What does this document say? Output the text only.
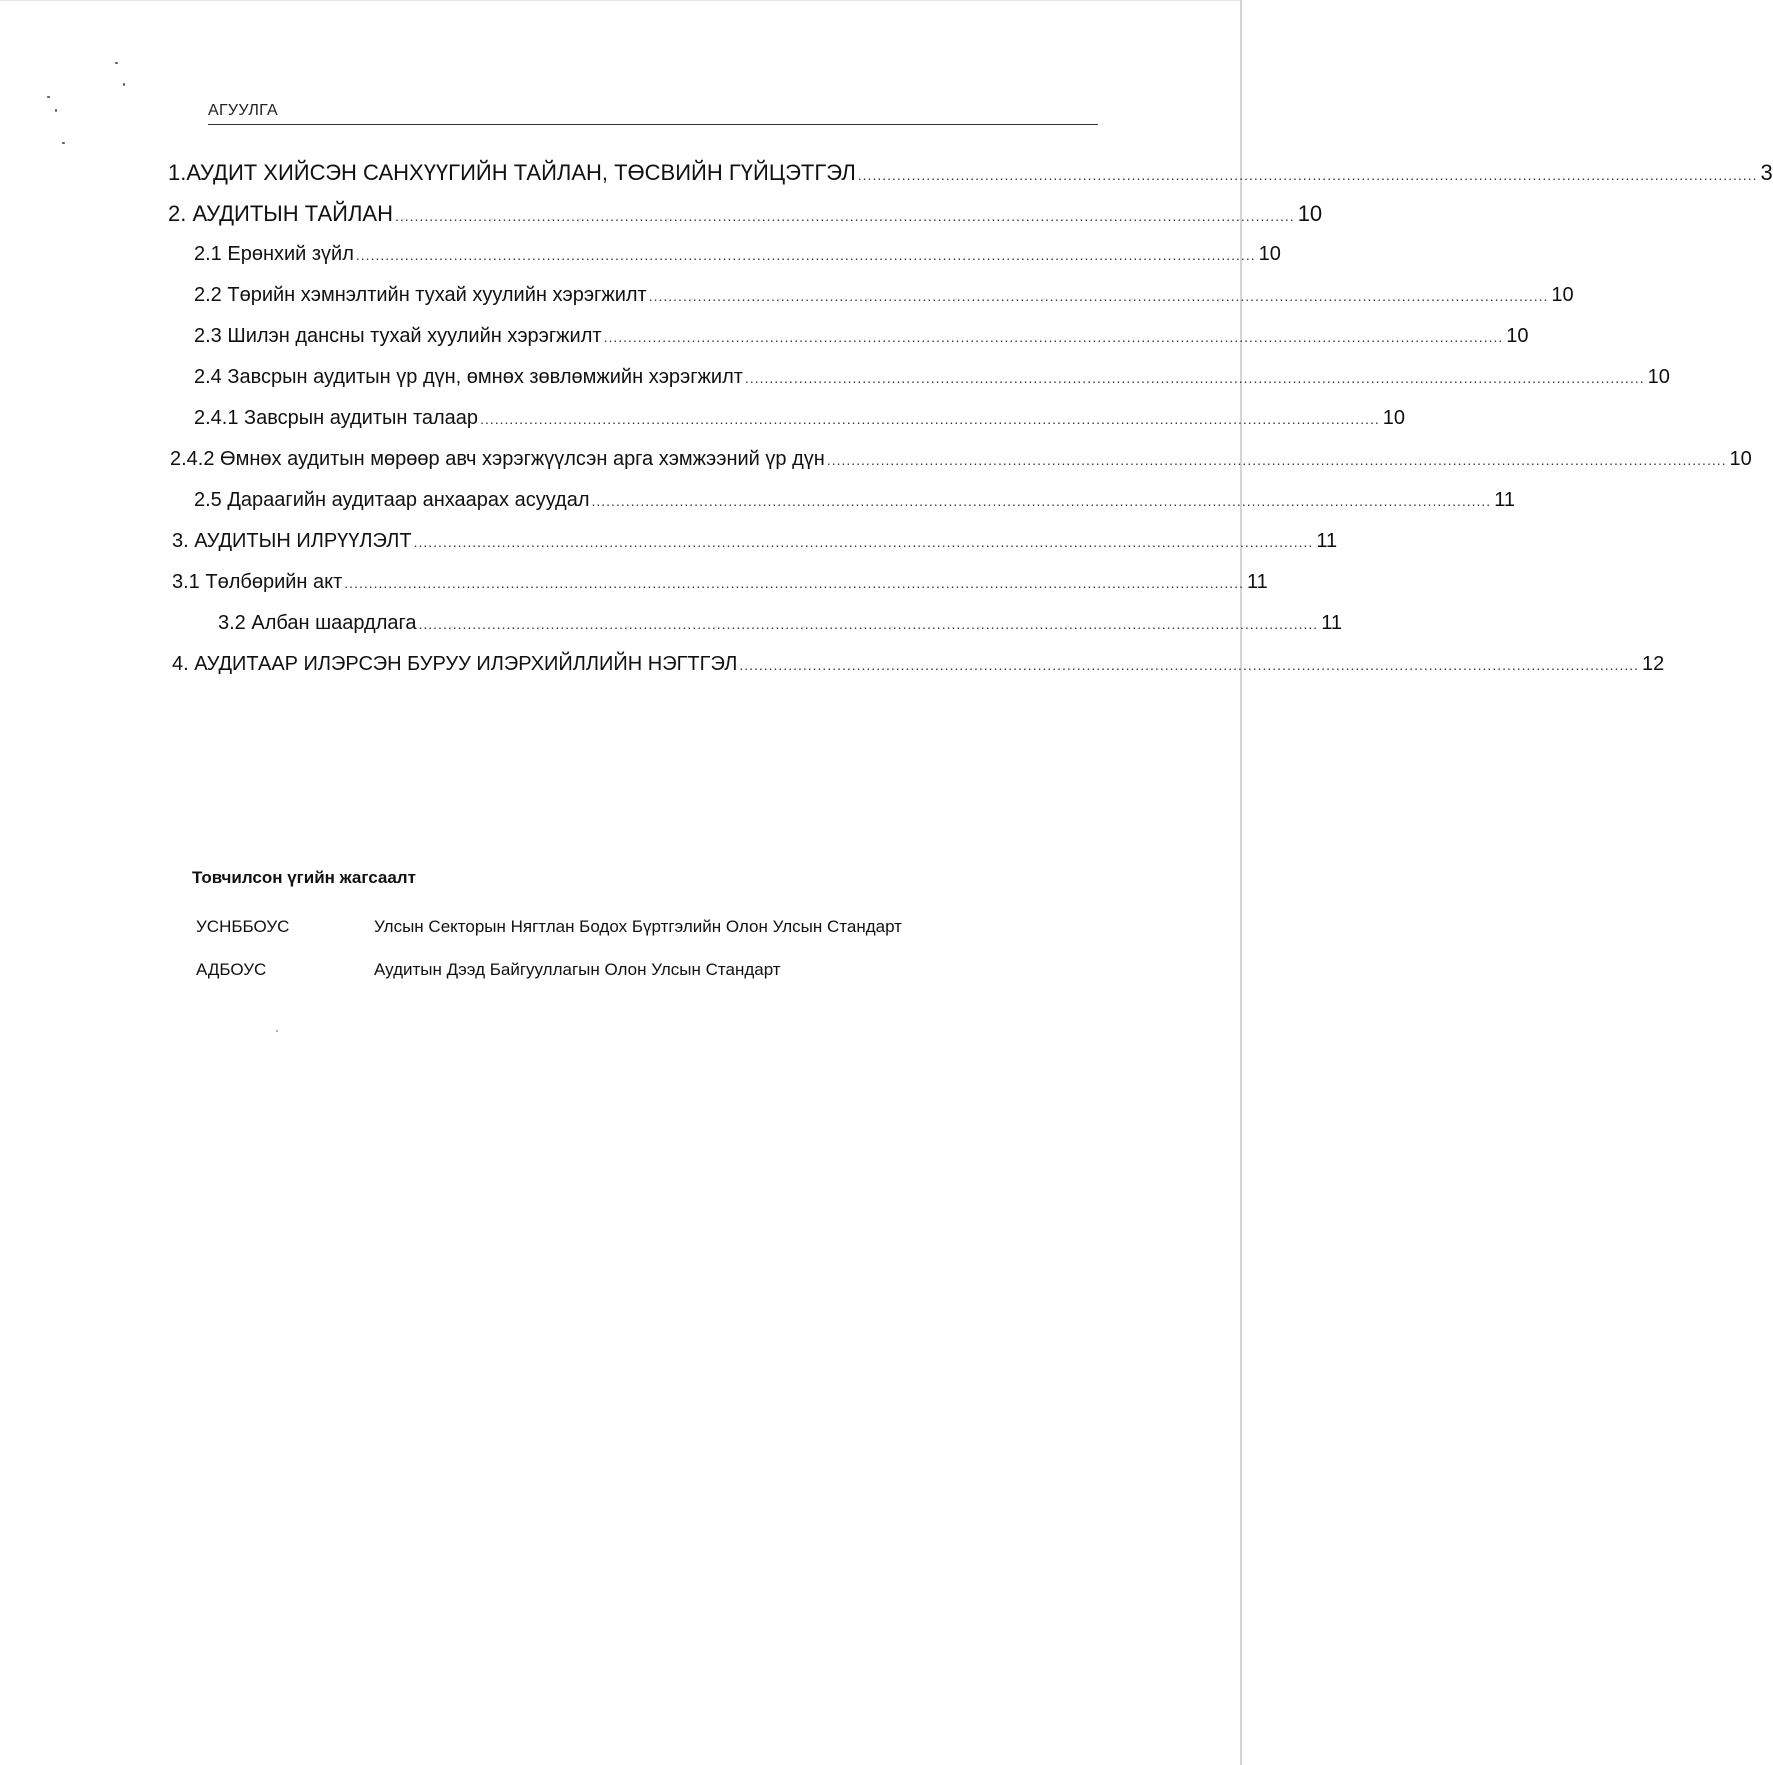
АГУУЛГА
1.АУДИТ ХИЙСЭН САНХҮҮГИЙН ТАЙЛАН, ТӨСВИЙН ГҮЙЦЭТГЭЛ ........................................................................................................................................................................................ 3
2. АУДИТЫН ТАЙЛАН ........................................................................................................................................................................................ 10
2.1 Ерөнхий зүйл ........................................................................................................................................................................................ 10
2.2 Төрийн хэмнэлтийн тухай хуулийн хэрэгжилт ........................................................................................................................................................................................ 10
2.3 Шилэн дансны тухай хуулийн хэрэгжилт ........................................................................................................................................................................................ 10
2.4 Завсрын аудитын үр дүн, өмнөх зөвлөмжийн хэрэгжилт ........................................................................................................................................................................................ 10
2.4.1 Завсрын аудитын талаар ........................................................................................................................................................................................ 10
2.4.2 Өмнөх аудитын мөрөөр авч хэрэгжүүлсэн арга хэмжээний үр дүн ........................................................................................................................................................................................ 10
2.5 Дараагийн аудитаар анхаарах асуудал ........................................................................................................................................................................................ 11
3. АУДИТЫН ИЛРҮҮЛЭЛТ ........................................................................................................................................................................................ 11
3.1 Төлбөрийн акт ........................................................................................................................................................................................ 11
3.2 Албан шаардлага ........................................................................................................................................................................................ 11
4. АУДИТААР ИЛЭРСЭН БУРУУ ИЛЭРХИЙЛЛИЙН НЭГТГЭЛ ........................................................................................................................................................................................ 12
Товчилсон үгийн жагсаалт
УСНББОУС	Улсын Секторын Нягтлан Бодох Бүртгэлийн Олон Улсын Стандарт
АДБОУС	Аудитын Дээд Байгууллагын Олон Улсын Стандарт
